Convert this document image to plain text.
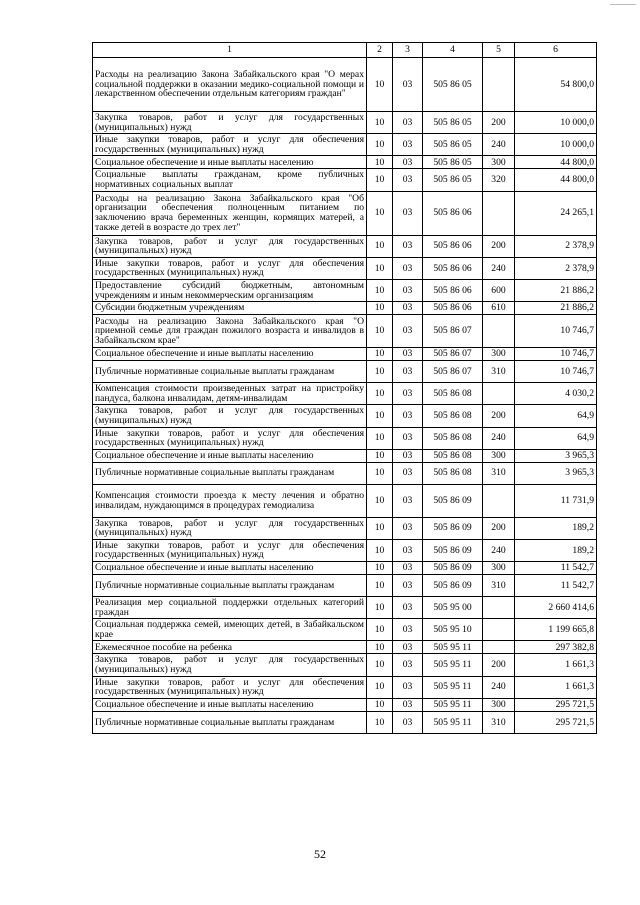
1	2	3	4	5	6
Расходы на реализацию Закона Забайкальского края "О мерах социальной поддержки в оказании медико-социальной помощи и лекарственном обеспечении отдельным категориям граждан"	10	03	505 86 05		54 800,0
Закупка товаров, работ и услуг для государственных (муниципальных) нужд	10	03	505 86 05	200	10 000,0
Иные закупки товаров, работ и услуг для обеспечения государственных (муниципальных) нужд	10	03	505 86 05	240	10 000,0
Социальное обеспечение и иные выплаты населению	10	03	505 86 05	300	44 800,0
Социальные выплаты гражданам, кроме публичных нормативных социальных выплат	10	03	505 86 05	320	44 800,0
Расходы на реализацию Закона Забайкальского края "Об организации обеспечения полноценным питанием по заключению врача беременных женщин, кормящих матерей, а также детей в возрасте до трех лет"	10	03	505 86 06		24 265,1
Закупка товаров, работ и услуг для государственных (муниципальных) нужд	10	03	505 86 06	200	2 378,9
Иные закупки товаров, работ и услуг для обеспечения государственных (муниципальных) нужд	10	03	505 86 06	240	2 378,9
Предоставление субсидий бюджетным, автономным учреждениям и иным некоммерческим организациям	10	03	505 86 06	600	21 886,2
Субсидии бюджетным учреждениям	10	03	505 86 06	610	21 886,2
Расходы на реализацию Закона Забайкальского края "О приемной семье для граждан пожилого возраста и инвалидов в Забайкальском крае"	10	03	505 86 07		10 746,7
Социальное обеспечение и иные выплаты населению	10	03	505 86 07	300	10 746,7
Публичные нормативные социальные выплаты гражданам	10	03	505 86 07	310	10 746,7
Компенсация стоимости произведенных затрат на пристройку пандуса, балкона инвалидам, детям-инвалидам	10	03	505 86 08		4 030,2
Закупка товаров, работ и услуг для государственных (муниципальных) нужд	10	03	505 86 08	200	64,9
Иные закупки товаров, работ и услуг для обеспечения государственных (муниципальных) нужд	10	03	505 86 08	240	64,9
Социальное обеспечение и иные выплаты населению	10	03	505 86 08	300	3 965,3
Публичные нормативные социальные выплаты гражданам	10	03	505 86 08	310	3 965,3
Компенсация стоимости проезда к месту лечения и обратно инвалидам, нуждающимся в процедурах гемодиализа	10	03	505 86 09		11 731,9
Закупка товаров, работ и услуг для государственных (муниципальных) нужд	10	03	505 86 09	200	189,2
Иные закупки товаров, работ и услуг для обеспечения государственных (муниципальных) нужд	10	03	505 86 09	240	189,2
Социальное обеспечение и иные выплаты населению	10	03	505 86 09	300	11 542,7
Публичные нормативные социальные выплаты гражданам	10	03	505 86 09	310	11 542,7
Реализация мер социальной поддержки отдельных категорий граждан	10	03	505 95 00		2 660 414,6
Социальная поддержка семей, имеющих детей, в Забайкальском крае	10	03	505 95 10		1 199 665,8
Ежемесячное пособие на ребенка	10	03	505 95 11		297 382,8
Закупка товаров, работ и услуг для государственных (муниципальных) нужд	10	03	505 95 11	200	1 661,3
Иные закупки товаров, работ и услуг для обеспечения государственных (муниципальных) нужд	10	03	505 95 11	240	1 661,3
Социальное обеспечение и иные выплаты населению	10	03	505 95 11	300	295 721,5
Публичные нормативные социальные выплаты гражданам	10	03	505 95 11	310	295 721,5
52
